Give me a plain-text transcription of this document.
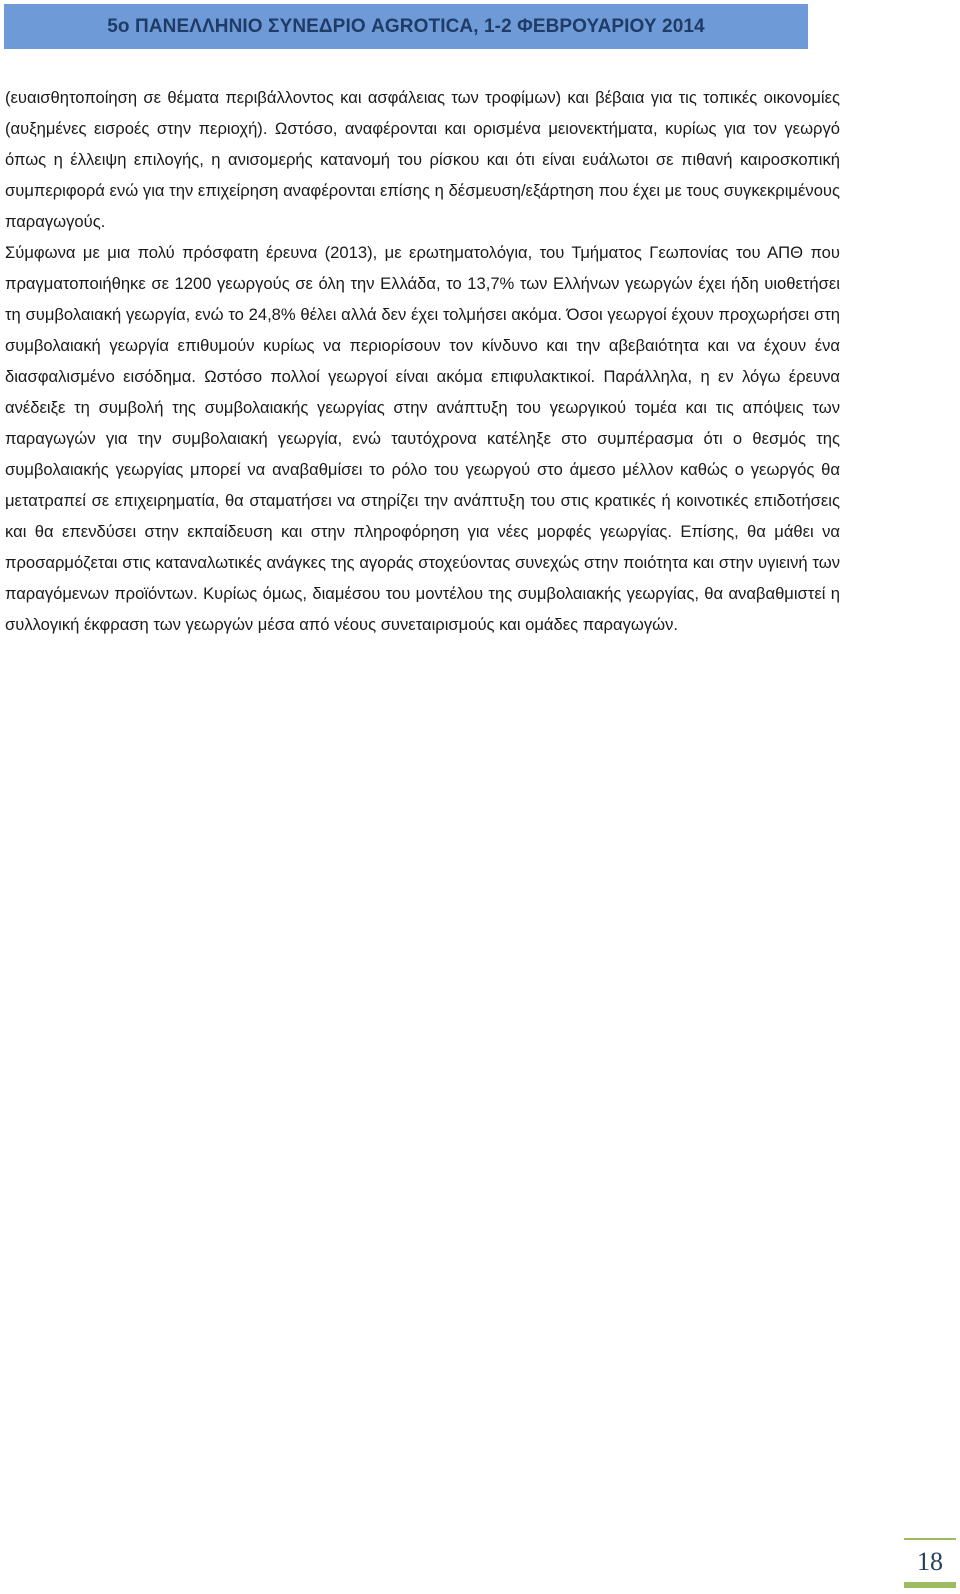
5ο ΠΑΝΕΛΛΗΝΙΟ ΣΥΝΕΔΡΙΟ AGROTICA, 1-2 ΦΕΒΡΟΥΑΡΙΟΥ 2014

(ευαισθητοποίηση σε θέματα περιβάλλοντος και ασφάλειας των τροφίμων) και βέβαια για τις τοπικές οικονομίες (αυξημένες εισροές στην περιοχή). Ωστόσο, αναφέρονται και ορισμένα μειονεκτήματα, κυρίως για τον γεωργό όπως η έλλειψη επιλογής, η ανισομερής κατανομή του ρίσκου και ότι είναι ευάλωτοι σε πιθανή καιροσκοπική συμπεριφορά ενώ για την επιχείρηση αναφέρονται επίσης η δέσμευση/εξάρτηση που έχει με τους συγκεκριμένους παραγωγούς.

Σύμφωνα με μια πολύ πρόσφατη έρευνα (2013), με ερωτηματολόγια, του Τμήματος Γεωπονίας του ΑΠΘ που πραγματοποιήθηκε σε 1200 γεωργούς σε όλη την Ελλάδα, το 13,7% των Ελλήνων γεωργών έχει ήδη υιοθετήσει τη συμβολαιακή γεωργία, ενώ το 24,8% θέλει αλλά δεν έχει τολμήσει ακόμα. Όσοι γεωργοί έχουν προχωρήσει στη συμβολαιακή γεωργία επιθυμούν κυρίως να περιορίσουν τον κίνδυνο και την αβεβαιότητα και να έχουν ένα διασφαλισμένο εισόδημα. Ωστόσο πολλοί γεωργοί είναι ακόμα επιφυλακτικοί. Παράλληλα, η εν λόγω έρευνα ανέδειξε τη συμβολή της συμβολαιακής γεωργίας στην ανάπτυξη του γεωργικού τομέα και τις απόψεις των παραγωγών για την συμβολαιακή γεωργία, ενώ ταυτόχρονα κατέληξε στο συμπέρασμα ότι ο θεσμός της συμβολαιακής γεωργίας μπορεί να αναβαθμίσει το ρόλο του γεωργού στο άμεσο μέλλον καθώς ο γεωργός θα μετατραπεί σε επιχειρηματία, θα σταματήσει να στηρίζει την ανάπτυξη του στις κρατικές ή κοινοτικές επιδοτήσεις και θα επενδύσει στην εκπαίδευση και στην πληροφόρηση για νέες μορφές γεωργίας. Επίσης, θα μάθει να προσαρμόζεται στις καταναλωτικές ανάγκες της αγοράς στοχεύοντας συνεχώς στην ποιότητα και στην υγιεινή των παραγόμενων προϊόντων. Κυρίως όμως, διαμέσου του μοντέλου της συμβολαιακής γεωργίας, θα αναβαθμιστεί η συλλογική έκφραση των γεωργών μέσα από νέους συνεταιρισμούς και ομάδες παραγωγών.

18
